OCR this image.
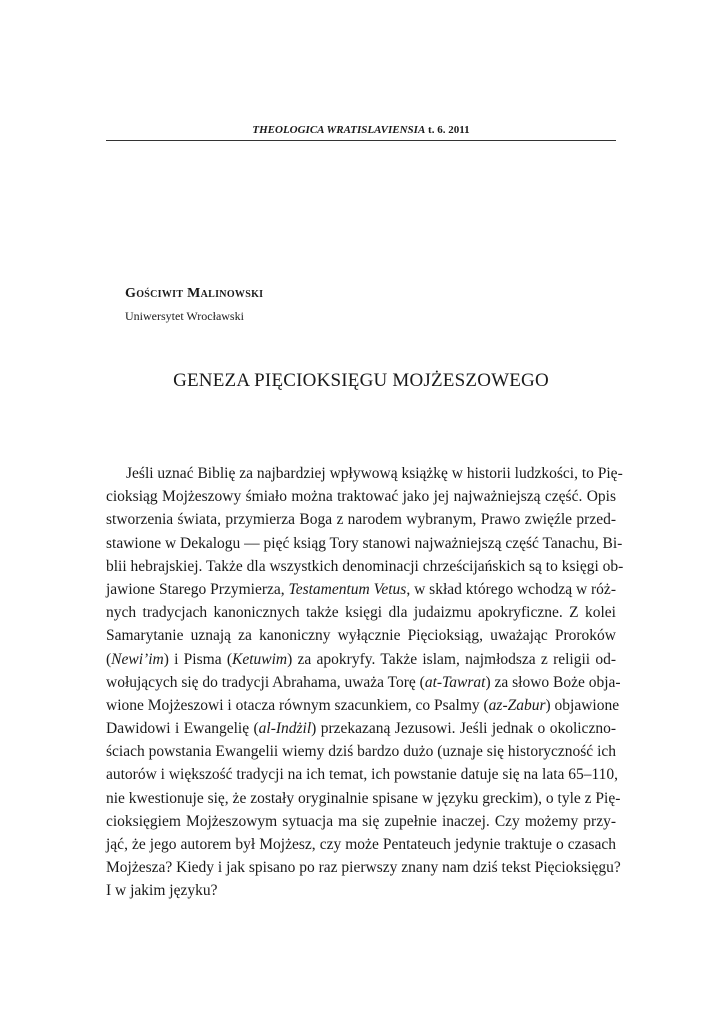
THEOLOGICA WRATISLAVIENSIA t. 6. 2011
Gościwit Malinowski
Uniwersytet Wrocławski
GENEZA PIĘCIOKSIĘGU MOJŻESZOWEGO
Jeśli uznać Biblię za najbardziej wpływową książkę w historii ludzkości, to Pię-
cioksiąg Mojżeszowy śmiało można traktować jako jej najważniejszą część. Opis
stworzenia świata, przymierza Boga z narodem wybranym, Prawo zwięźle przed-
stawione w Dekalogu — pięć ksiąg Tory stanowi najważniejszą część Tanachu, Bi-
blii hebrajskiej. Także dla wszystkich denominacji chrześcijańskich są to księgi ob-
jawione Starego Przymierza, Testamentum Vetus, w skład którego wchodzą w róż-
nych tradycjach kanonicznych także księgi dla judaizmu apokryficzne. Z kolei
Samarytanie uznają za kanoniczny wyłącznie Pięcioksiąg, uważając Proroków
(Newi’im) i Pisma (Ketuwim) za apokryfy. Także islam, najmłodsza z religii od-
wołujących się do tradycji Abrahama, uważa Torę (at-Tawrat) za słowo Boże obja-
wione Mojżeszowi i otacza równym szacunkiem, co Psalmy (az-Zabur) objawione
Dawidowi i Ewangelię (al-Indżil) przekazaną Jezusowi. Jeśli jednak o okoliczno-
ściach powstania Ewangelii wiemy dziś bardzo dużo (uznaje się historyczność ich
autorów i większość tradycji na ich temat, ich powstanie datuje się na lata 65–110,
nie kwestionuje się, że zostały oryginalnie spisane w języku greckim), o tyle z Pię-
cioksięgiem Mojżeszowym sytuacja ma się zupełnie inaczej. Czy możemy przy-
jąć, że jego autorem był Mojżesz, czy może Pentateuch jedynie traktuje o czasach
Mojżesza? Kiedy i jak spisano po raz pierwszy znany nam dziś tekst Pięcioksięgu?
I w jakim języku?
